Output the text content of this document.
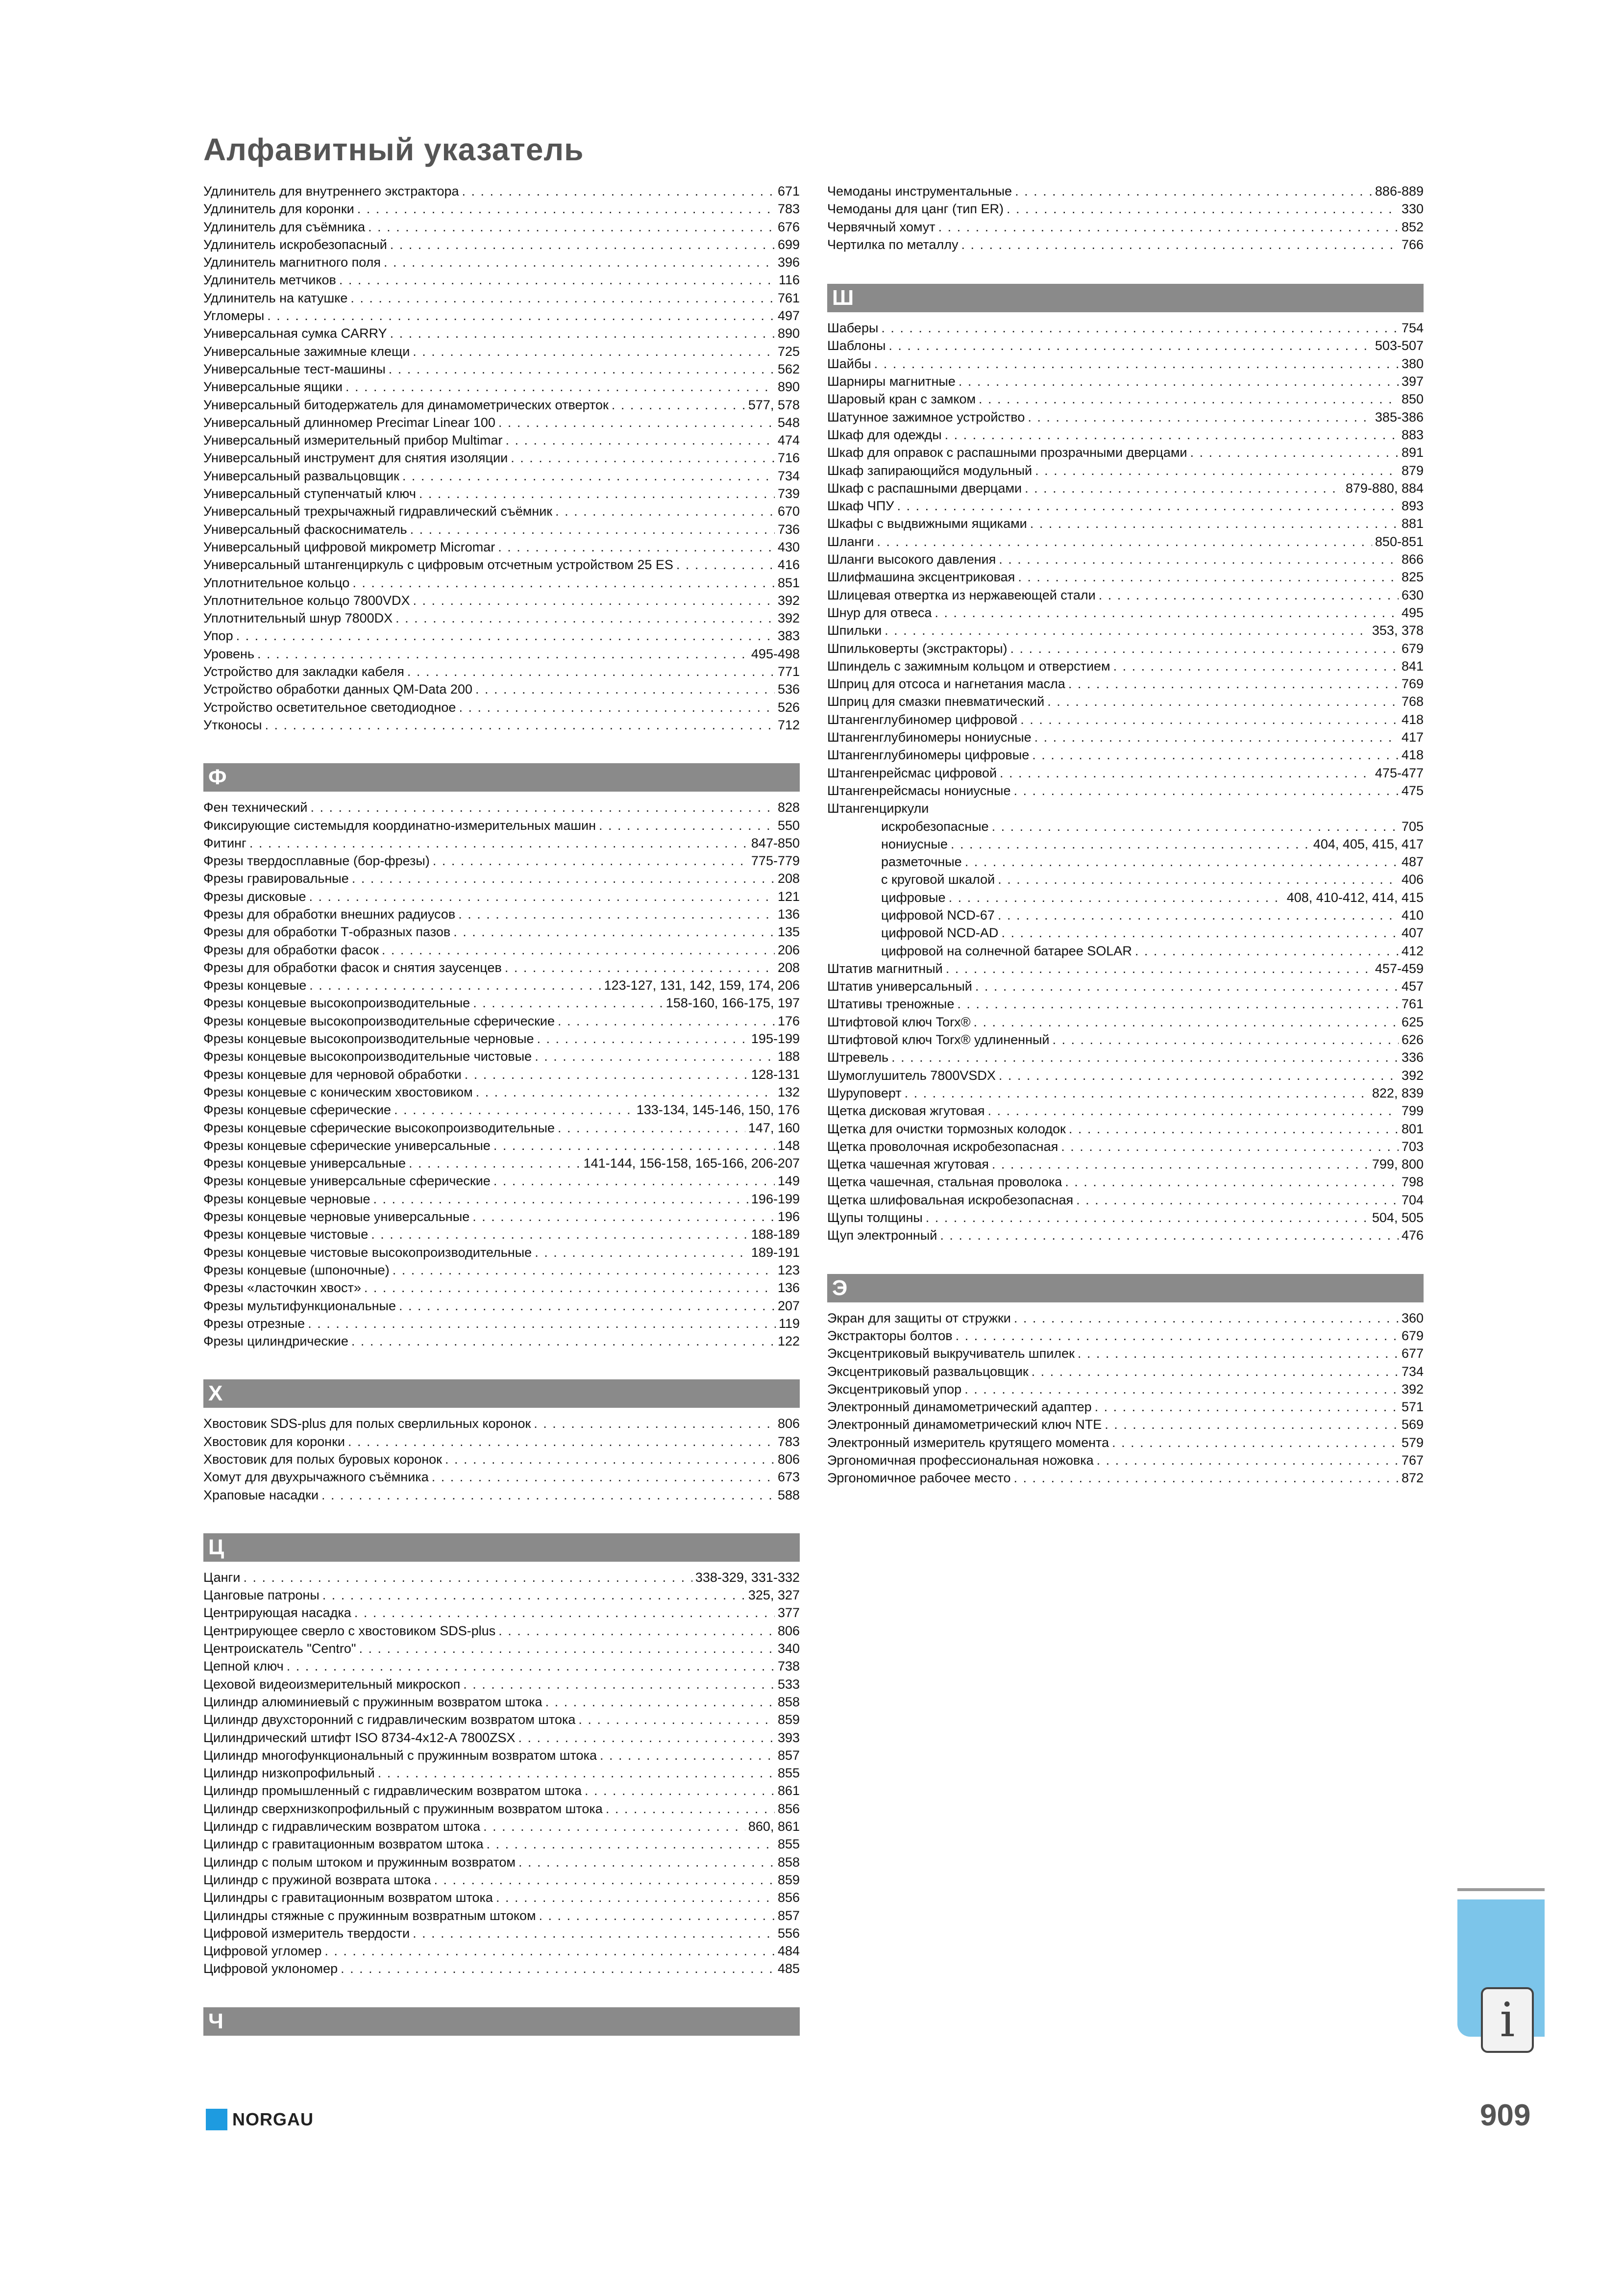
Алфавитный указатель
Удлинитель для внутреннего экстрактора . . .	671
Удлинитель для коронки . . .	783
Удлинитель для съёмника . . .	676
Удлинитель искробезопасный . . .	699
Удлинитель магнитного поля . . .	396
Удлинитель метчиков . . .	116
Удлинитель на катушке . . .	761
Угломеры . . .	497
Универсальная сумка CARRY . . .	890
Универсальные зажимные клещи . . .	725
Универсальные тест-машины . . .	562
Универсальные ящики . . .	890
Универсальный битодержатель для динамометрических отверток . . .	577, 578
Универсальный длинномер Precimar Linear 100 . . .	548
Универсальный измерительный прибор Multimar . . .	474
Универсальный инструмент для снятия изоляции . . .	716
Универсальный развальцовщик . . .	734
Универсальный ступенчатый ключ . . .	739
Универсальный трехрычажный гидравлический съёмник . . .	670
Универсальный фаскосниматель . . .	736
Универсальный цифровой микрометр Micromar . . .	430
Универсальный штангенциркуль с цифровым отсчетным устройством 25 ES . . .	416
Уплотнительное кольцо . . .	851
Уплотнительное кольцо 7800VDX . . .	392
Уплотнительный шнур 7800DX . . .	392
Упор . . .	383
Уровень . . .	495-498
Устройство для закладки кабеля . . .	771
Устройство обработки данных QM-Data 200 . . .	536
Устройство осветительное светодиодное . . .	526
Утконосы . . .	712
Ф
Фен технический . . .	828
Фиксирующие системыдля координатно-измерительных машин . . .	550
Фитинг . . .	847-850
Фрезы твердосплавные (бор-фрезы) . . .	775-779
Фрезы гравировальные . . .	208
Фрезы дисковые . . .	121
Фрезы для обработки внешних радиусов . . .	136
Фрезы для обработки Т-образных пазов . . .	135
Фрезы для обработки фасок . . .	206
Фрезы для обработки фасок и снятия заусенцев . . .	208
Фрезы концевые . . .	123-127, 131, 142, 159, 174, 206
Фрезы концевые высокопроизводительные . . .	158-160, 166-175, 197
Фрезы концевые высокопроизводительные сферические . . .	176
Фрезы концевые высокопроизводительные черновые . . .	195-199
Фрезы концевые высокопроизводительные чистовые . . .	188
Фрезы концевые для черновой обработки . . .	128-131
Фрезы концевые с коническим хвостовиком . . .	132
Фрезы концевые сферические . . .	133-134, 145-146, 150, 176
Фрезы концевые сферические высокопроизводительные . . .	147, 160
Фрезы концевые сферические универсальные . . .	148
Фрезы концевые универсальные . . .	141-144, 156-158, 165-166, 206-207
Фрезы концевые универсальные сферические . . .	149
Фрезы концевые черновые . . .	196-199
Фрезы концевые черновые универсальные . . .	196
Фрезы концевые чистовые . . .	188-189
Фрезы концевые чистовые высокопроизводительные . . .	189-191
Фрезы концевые (шпоночные) . . .	123
Фрезы «ласточкин хвост» . . .	136
Фрезы мультифункциональные . . .	207
Фрезы отрезные . . .	119
Фрезы цилиндрические . . .	122
Х
Хвостовик SDS-plus для полых сверлильных коронок . . .	806
Хвостовик для коронки . . .	783
Хвостовик для полых буровых коронок . . .	806
Хомут для двухрычажного съёмника . . .	673
Храповые насадки . . .	588
Ц
Цанги . . .	338-329, 331-332
Цанговые патроны . . .	325, 327
Центрирующая насадка . . .	377
Центрирующее сверло с хвостовиком SDS-plus . . .	806
Центроискатель "Centro" . . .	340
Цепной ключ . . .	738
Цеховой видеоизмерительный микроскоп . . .	533
Цилиндр алюминиевый с пружинным возвратом штока . . .	858
Цилиндр двухсторонний с гидравлическим возвратом штока . . .	859
Цилиндрический штифт ISO 8734-4x12-A 7800ZSX . . .	393
Цилиндр многофункциональный с пружинным возвратом штока . . .	857
Цилиндр низкопрофильный . . .	855
Цилиндр промышленный с гидравлическим возвратом штока . . .	861
Цилиндр сверхнизкопрофильный с пружинным возвратом штока . . .	856
Цилиндр с гидравлическим возвратом штока . . .	860, 861
Цилиндр с гравитационным возвратом штока . . .	855
Цилиндр с полым штоком и пружинным возвратом . . .	858
Цилиндр с пружиной возврата штока . . .	859
Цилиндры с гравитационным возвратом штока . . .	856
Цилиндры стяжные с пружинным возвратным штоком . . .	857
Цифровой измеритель твердости . . .	556
Цифровой угломер . . .	484
Цифровой уклономер . . .	485
Ч
Чемоданы инструментальные . . .	886-889
Чемоданы для цанг (тип ER) . . .	330
Червячный хомут . . .	852
Чертилка по металлу . . .	766
Ш
Шаберы . . .	754
Шаблоны . . .	503-507
Шайбы . . .	380
Шарниры магнитные . . .	397
Шаровый кран с замком . . .	850
Шатунное зажимное устройство . . .	385-386
Шкаф для одежды . . .	883
Шкаф для оправок с распашными прозрачными дверцами . . .	891
Шкаф запирающийся модульный . . .	879
Шкаф с распашными дверцами . . .	879-880, 884
Шкаф ЧПУ . . .	893
Шкафы с выдвижными ящиками . . .	881
Шланги . . .	850-851
Шланги высокого давления . . .	866
Шлифмашина эксцентриковая . . .	825
Шлицевая отвертка из нержавеющей стали . . .	630
Шнур для отвеса . . .	495
Шпильки . . .	353, 378
Шпильковерты (экстракторы) . . .	679
Шпиндель с зажимным кольцом и отверстием . . .	841
Шприц для отсоса и нагнетания масла . . .	769
Шприц для смазки пневматический . . .	768
Штангенглубиномер цифровой . . .	418
Штангенглубиномеры нониусные . . .	417
Штангенглубиномеры цифровые . . .	418
Штангенрейсмас цифровой . . .	475-477
Штангенрейсмасы нониусные . . .	475
Штангенциркули
искробезопасные . . .	705
нониусные . . .	404, 405, 415, 417
разметочные . . .	487
с круговой шкалой . . .	406
цифровые . . .	408, 410-412, 414, 415
цифровой NCD-67 . . .	410
цифровой NCD-AD . . .	407
цифровой на солнечной батарее SOLAR . . .	412
Штатив магнитный . . .	457-459
Штатив универсальный . . .	457
Штативы треножные . . .	761
Штифтовой ключ Torx® . . .	625
Штифтовой ключ Torx® удлиненный . . .	626
Штревель . . .	336
Шумоглушитель 7800VSDX . . .	392
Шуруповерт . . .	822, 839
Щетка дисковая жгутовая . . .	799
Щетка для очистки тормозных колодок . . .	801
Щетка проволочная искробезопасная . . .	703
Щетка чашечная жгутовая . . .	799, 800
Щетка чашечная, стальная проволока . . .	798
Щетка шлифовальная искробезопасная . . .	704
Щупы толщины . . .	504, 505
Щуп электронный . . .	476
Э
Экран для защиты от стружки . . .	360
Экстракторы болтов . . .	679
Эксцентриковый выкручиватель шпилек . . .	677
Эксцентриковый развальцовщик . . .	734
Эксцентриковый упор . . .	392
Электронный динамометрический адаптер . . .	571
Электронный динамометрический ключ NTE . . .	569
Электронный измеритель крутящего момента . . .	579
Эргономичная профессиональная ножовка . . .	767
Эргономичное рабочее место . . .	872
i
NORGAU	909
